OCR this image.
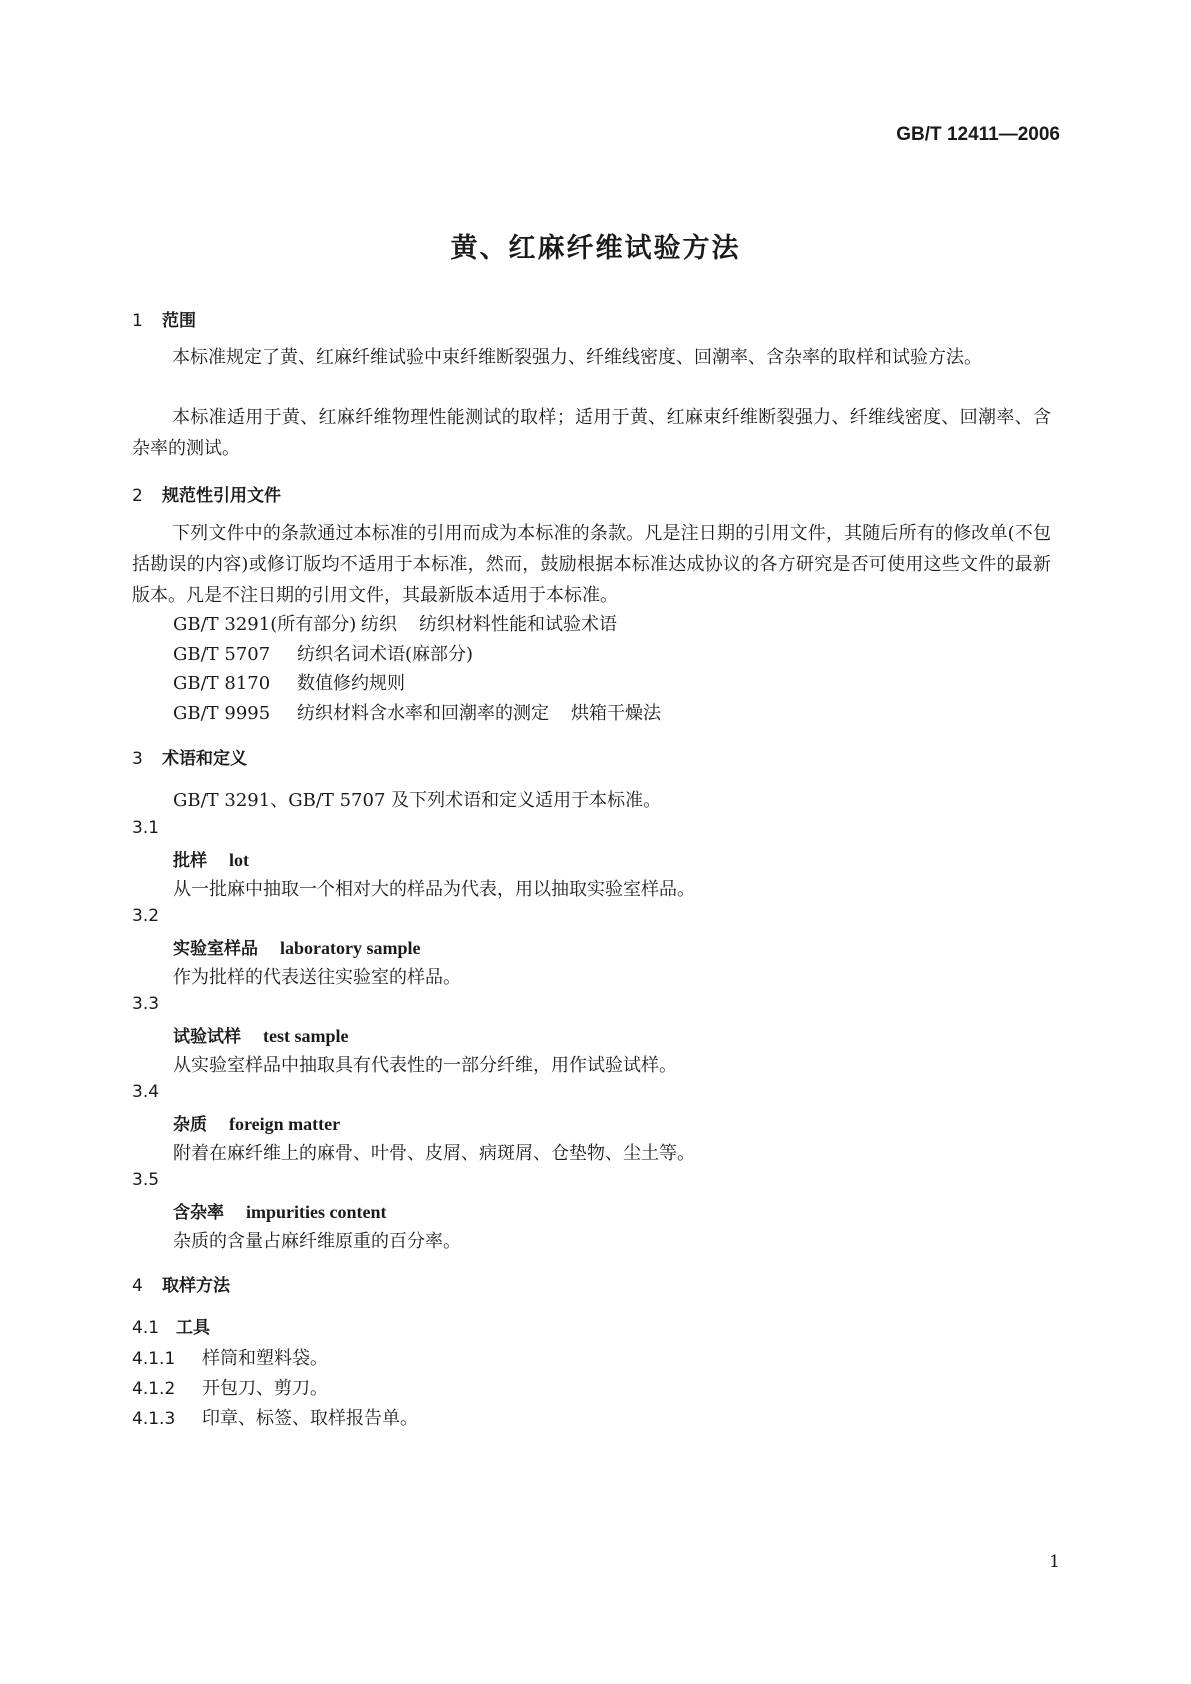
GB/T 12411—2006
黄、红麻纤维试验方法
1 范围
本标准规定了黄、红麻纤维试验中束纤维断裂强力、纤维线密度、回潮率、含杂率的取样和试验方法。
本标准适用于黄、红麻纤维物理性能测试的取样；适用于黄、红麻束纤维断裂强力、纤维线密度、回潮率、含杂率的测试。
2 规范性引用文件
下列文件中的条款通过本标准的引用而成为本标准的条款。凡是注日期的引用文件，其随后所有的修改单(不包括勘误的内容)或修订版均不适用于本标准，然而，鼓励根据本标准达成协议的各方研究是否可使用这些文件的最新版本。凡是不注日期的引用文件，其最新版本适用于本标准。
GB/T 3291(所有部分) 纺织 纺织材料性能和试验术语
GB/T 5707 纺织名词术语(麻部分)
GB/T 8170 数值修约规则
GB/T 9995 纺织材料含水率和回潮率的测定 烘箱干燥法
3 术语和定义
GB/T 3291、GB/T 5707 及下列术语和定义适用于本标准。
3.1
批样 lot
从一批麻中抽取一个相对大的样品为代表，用以抽取实验室样品。
3.2
实验室样品 laboratory sample
作为批样的代表送往实验室的样品。
3.3
试验试样 test sample
从实验室样品中抽取具有代表性的一部分纤维，用作试验试样。
3.4
杂质 foreign matter
附着在麻纤维上的麻骨、叶骨、皮屑、病斑屑、仓垫物、尘土等。
3.5
含杂率 impurities content
杂质的含量占麻纤维原重的百分率。
4 取样方法
4.1 工具
4.1.1 样筒和塑料袋。
4.1.2 开包刀、剪刀。
4.1.3 印章、标签、取样报告单。
1
